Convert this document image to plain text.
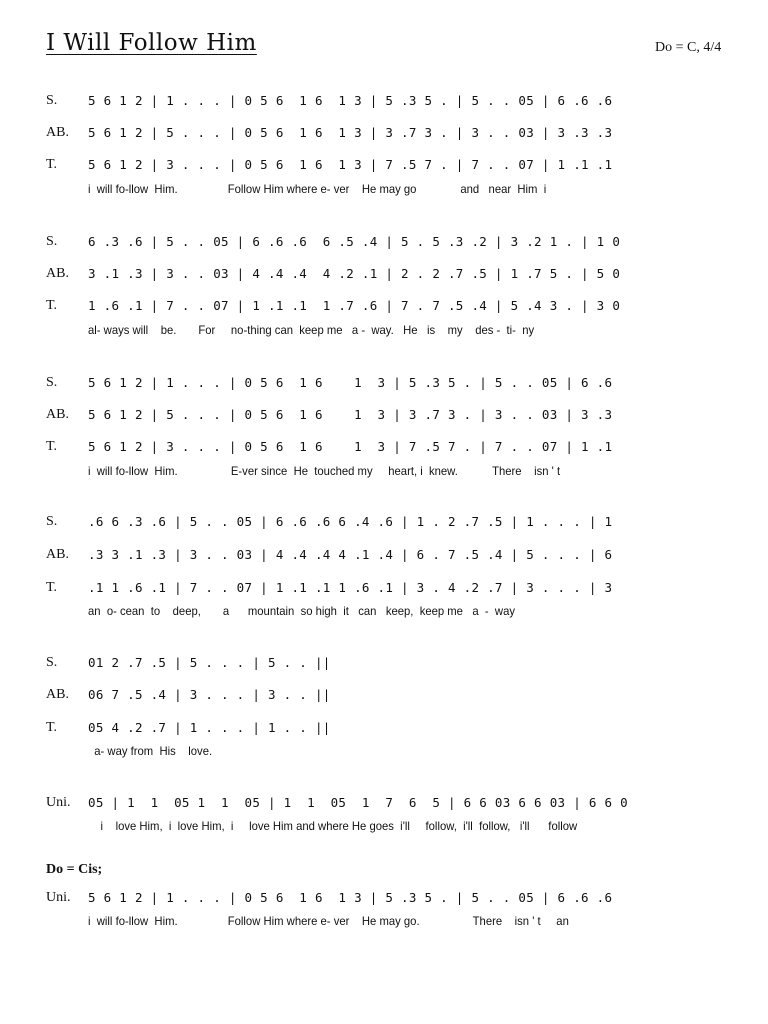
I Will Follow Him	Do = C, 4/4
S. 5 6 1 2 | 1 . . . | 0 5 6  1 6  1 3 | 5 .3 5 . | 5 . . 05 | 6 .6 .6
AB. 5 6 1 2 | 5 . . . | 0 5 6  1 6  1 3 | 3 .7 3 . | 3 . . 03 | 3 .3 .3
T. 5 6 1 2 | 3 . . . | 0 5 6  1 6  1 3 | 7 .5 7 . | 7 . . 07 | 1 .1 .1
i  will fo-llow  Him.                Follow Him where e- ver    He may go              and   near  Him  i
S. 6 .3 .6 | 5 . . 05 | 6 .6 .6  6 .5 .4 | 5 . 5 .3 .2 | 3 .2 1 . | 1 0
AB. 3 .1 .3 | 3 . . 03 | 4 .4 .4  4 .2 .1 | 2 . 2 .7 .5 | 1 .7 5 . | 5 0
T. 1 .6 .1 | 7 . . 07 | 1 .1 .1  1 .7 .6 | 7 . 7 .5 .4 | 5 .4 3 . | 3 0
al- ways will    be.       For     no-thing can  keep me   a -  way.   He   is    my    des -  ti-  ny
S. 5 6 1 2 | 1 . . . | 0 5 6  1 6    1  3 | 5 .3 5 . | 5 . . 05 | 6 .6
AB. 5 6 1 2 | 5 . . . | 0 5 6  1 6    1  3 | 3 .7 3 . | 3 . . 03 | 3 .3
T. 5 6 1 2 | 3 . . . | 0 5 6  1 6    1  3 | 7 .5 7 . | 7 . . 07 | 1 .1
i  will fo-llow  Him.                 E-ver since  He  touched my     heart, i  knew.           There    isn ' t
S. .6 6 .3 .6 | 5 . . 05 | 6 .6 .6 6 .4 .6 | 1 . 2 .7 .5 | 1 . . . | 1
AB. .3 3 .1 .3 | 3 . . 03 | 4 .4 .4 4 .1 .4 | 6 . 7 .5 .4 | 5 . . . | 6
T. .1 1 .6 .1 | 7 . . 07 | 1 .1 .1 1 .6 .1 | 3 . 4 .2 .7 | 3 . . . | 3
an  o- cean  to    deep,       a      mountain  so high  it   can   keep,  keep me   a  -  way
S. 01 2 .7 .5 | 5 . . . | 5 . . ||
AB. 06 7 .5 .4 | 3 . . . | 3 . . ||
T. 05 4 .2 .7 | 1 . . . | 1 . . ||
a- way from  His    love.
Uni. 05 | 1  1  05 1  1  05 | 1  1  05  1  7  6  5 | 6 6 03 6 6 03 | 6 6 0
i    love Him,  i  love Him,  i     love Him and where He goes  i'll     follow,  i'll  follow,   i'll      follow
Do = Cis;
Uni. 5 6 1 2 | 1 . . . | 0 5 6  1 6  1 3 | 5 .3 5 . | 5 . . 05 | 6 .6 .6
i  will fo-llow  Him.                Follow Him where e- ver    He may go.                 There    isn ' t     an
